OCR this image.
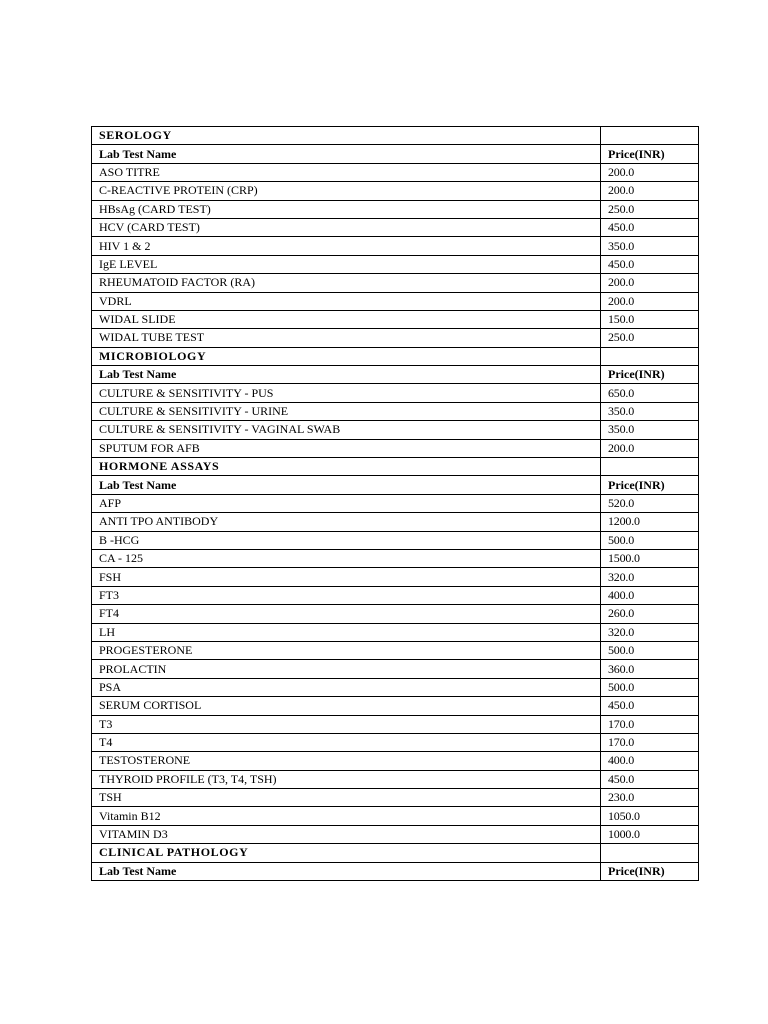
SEROLOGY	
Lab Test Name	Price(INR)
ASO TITRE	200.0
C-REACTIVE PROTEIN (CRP)	200.0
HBsAg (CARD TEST)	250.0
HCV (CARD TEST)	450.0
HIV 1 & 2	350.0
IgE LEVEL	450.0
RHEUMATOID FACTOR (RA)	200.0
VDRL	200.0
WIDAL SLIDE	150.0
WIDAL TUBE TEST	250.0
MICROBIOLOGY	
Lab Test Name	Price(INR)
CULTURE & SENSITIVITY - PUS	650.0
CULTURE & SENSITIVITY - URINE	350.0
CULTURE & SENSITIVITY - VAGINAL SWAB	350.0
SPUTUM FOR AFB	200.0
HORMONE ASSAYS	
Lab Test Name	Price(INR)
AFP	520.0
ANTI TPO ANTIBODY	1200.0
B -HCG	500.0
CA - 125	1500.0
FSH	320.0
FT3	400.0
FT4	260.0
LH	320.0
PROGESTERONE	500.0
PROLACTIN	360.0
PSA	500.0
SERUM CORTISOL	450.0
T3	170.0
T4	170.0
TESTOSTERONE	400.0
THYROID PROFILE (T3, T4, TSH)	450.0
TSH	230.0
Vitamin B12	1050.0
VITAMIN D3	1000.0
CLINICAL PATHOLOGY	
Lab Test Name	Price(INR)
